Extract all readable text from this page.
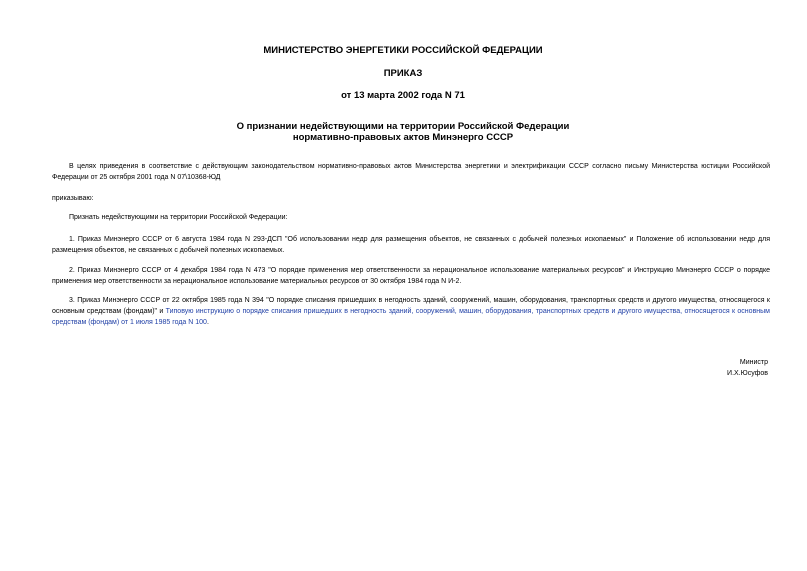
МИНИСТЕРСТВО ЭНЕРГЕТИКИ РОССИЙСКОЙ ФЕДЕРАЦИИ
ПРИКАЗ
от 13 марта 2002 года N 71
О признании недействующими на территории Российской Федерации
нормативно-правовых актов Минэнерго СССР
В целях приведения в соответствие с действующим законодательством нормативно-правовых актов Министерства энергетики и электрификации СССР согласно письму Министерства юстиции Российской Федерации от 25 октября 2001 года N 07\10368-ЮД
приказываю:
Признать недействующими на территории Российской Федерации:
1. Приказ Минэнерго СССР от 6 августа 1984 года N 293-ДСП "Об использовании недр для размещения объектов, не связанных с добычей полезных ископаемых" и Положение об использовании недр для размещения объектов, не связанных с добычей полезных ископаемых.
2. Приказ Минэнерго СССР от 4 декабря 1984 года N 473 "О порядке применения мер ответственности за нерациональное использование материальных ресурсов" и Инструкцию Минэнерго СССР о порядке применения мер ответственности за нерациональное использование материальных ресурсов от 30 октября 1984 года N И-2.
3. Приказ Минэнерго СССР от 22 октября 1985 года N 394 "О порядке списания пришедших в негодность зданий, сооружений, машин, оборудования, транспортных средств и другого имущества, относящегося к основным средствам (фондам)" и Типовую инструкцию о порядке списания пришедших в негодность зданий, сооружений, машин, оборудования, транспортных средств и другого имущества, относящегося к основным средствам (фондам) от 1 июля 1985 года N 100.
Министр
И.Х.Юсуфов
